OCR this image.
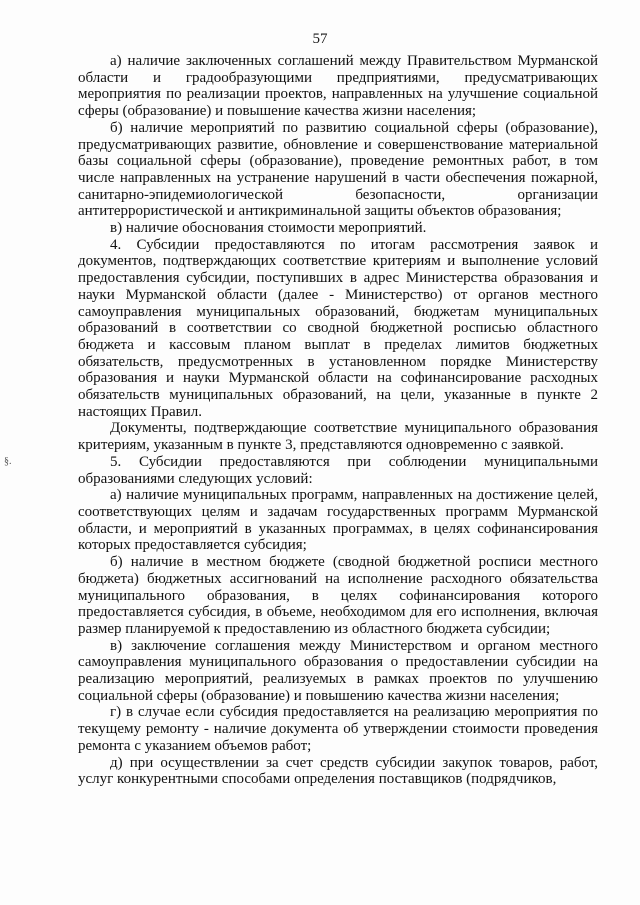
57
§.

а) наличие заключенных соглашений между Правительством Мурманской области и градообразующими предприятиями, предусматривающих мероприятия по реализации проектов, направленных на улучшение социальной сферы (образование) и повышение качества жизни населения;

б) наличие мероприятий по развитию социальной сферы (образование), предусматривающих развитие, обновление и совершенствование материальной базы социальной сферы (образование), проведение ремонтных работ, в том числе направленных на устранение нарушений в части обеспечения пожарной, санитарно-эпидемиологической безопасности, организации антитеррористической и антикриминальной защиты объектов образования;

в) наличие обоснования стоимости мероприятий.

4. Субсидии предоставляются по итогам рассмотрения заявок и документов, подтверждающих соответствие критериям и выполнение условий предоставления субсидии, поступивших в адрес Министерства образования и науки Мурманской области (далее - Министерство) от органов местного самоуправления муниципальных образований, бюджетам муниципальных образований в соответствии со сводной бюджетной росписью областного бюджета и кассовым планом выплат в пределах лимитов бюджетных обязательств, предусмотренных в установленном порядке Министерству образования и науки Мурманской области на софинансирование расходных обязательств муниципальных образований, на цели, указанные в пункте 2 настоящих Правил.

Документы, подтверждающие соответствие муниципального образования критериям, указанным в пункте 3, представляются одновременно с заявкой.

5. Субсидии предоставляются при соблюдении муниципальными образованиями следующих условий:

а) наличие муниципальных программ, направленных на достижение целей, соответствующих целям и задачам государственных программ Мурманской области, и мероприятий в указанных программах, в целях софинансирования которых предоставляется субсидия;

б) наличие в местном бюджете (сводной бюджетной росписи местного бюджета) бюджетных ассигнований на исполнение расходного обязательства муниципального образования, в целях софинансирования которого предоставляется субсидия, в объеме, необходимом для его исполнения, включая размер планируемой к предоставлению из областного бюджета субсидии;

в) заключение соглашения между Министерством и органом местного самоуправления муниципального образования о предоставлении субсидии на реализацию мероприятий, реализуемых в рамках проектов по улучшению социальной сферы (образование) и повышению качества жизни населения;

г) в случае если субсидия предоставляется на реализацию мероприятия по текущему ремонту - наличие документа об утверждении стоимости проведения ремонта с указанием объемов работ;

д) при осуществлении за счет средств субсидии закупок товаров, работ, услуг конкурентными способами определения поставщиков (подрядчиков,
